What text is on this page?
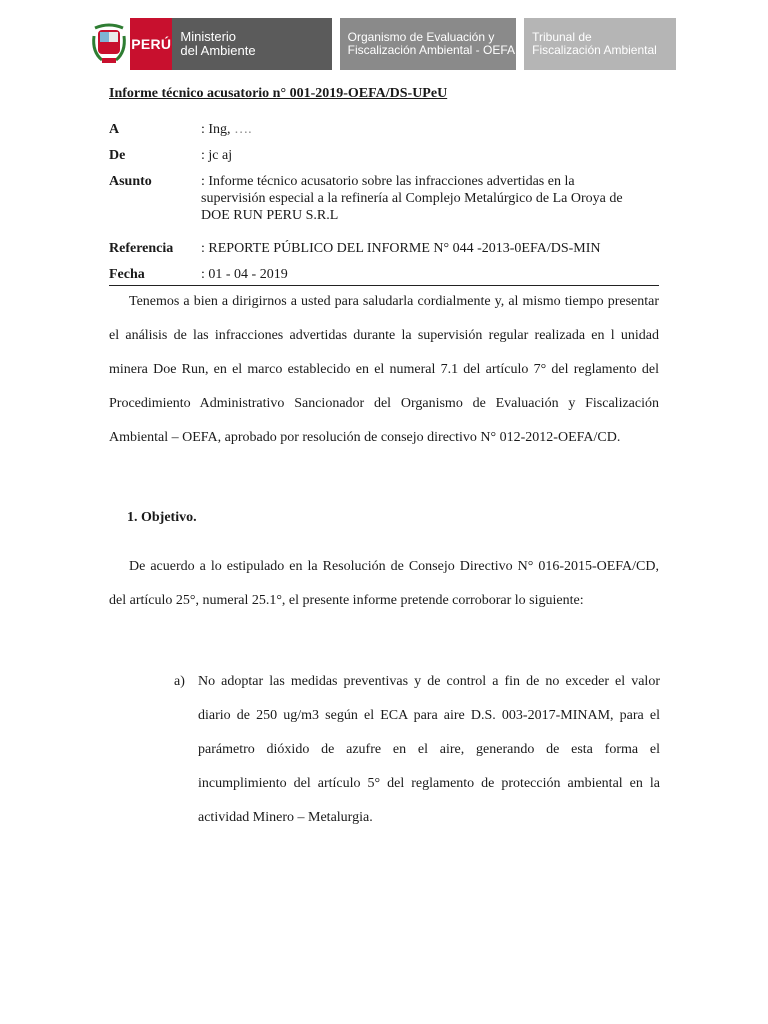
PERÚ Ministerio
del Ambiente
Organismo de Evaluación y
Fiscalización Ambiental - OEFA
Tribunal de
Fiscalización Ambiental
Informe técnico acusatorio n° 001-2019-OEFA/DS-UPeU
A	: Ing, ….
De	: jc aj
Asunto	: Informe técnico acusatorio sobre las infracciones advertidas en la supervisión especial a la refinería al Complejo Metalúrgico de La Oroya de DOE RUN PERU S.R.L
Referencia	: REPORTE PÚBLICO DEL INFORME N° 044 -2013-0EFA/DS-MIN
Fecha	: 01 - 04 - 2019

Tenemos a bien a dirigirnos a usted para saludarla cordialmente y, al mismo tiempo presentar el análisis de las infracciones advertidas durante la supervisión regular realizada en l unidad minera Doe Run, en el marco establecido en el numeral 7.1 del artículo 7° del reglamento del Procedimiento Administrativo Sancionador del Organismo de Evaluación y Fiscalización Ambiental – OEFA, aprobado por resolución de consejo directivo N° 012-2012-OEFA/CD.

1. Objetivo.

De acuerdo a lo estipulado en la Resolución de Consejo Directivo N° 016-2015-OEFA/CD, del artículo 25°, numeral 25.1°, el presente informe pretende corroborar lo siguiente:

a) No adoptar las medidas preventivas y de control a fin de no exceder el valor diario de 250 ug/m3 según el ECA para aire D.S. 003-2017-MINAM, para el parámetro dióxido de azufre en el aire, generando de esta forma el incumplimiento del artículo 5° del reglamento de protección ambiental en la actividad Minero – Metalurgia.
